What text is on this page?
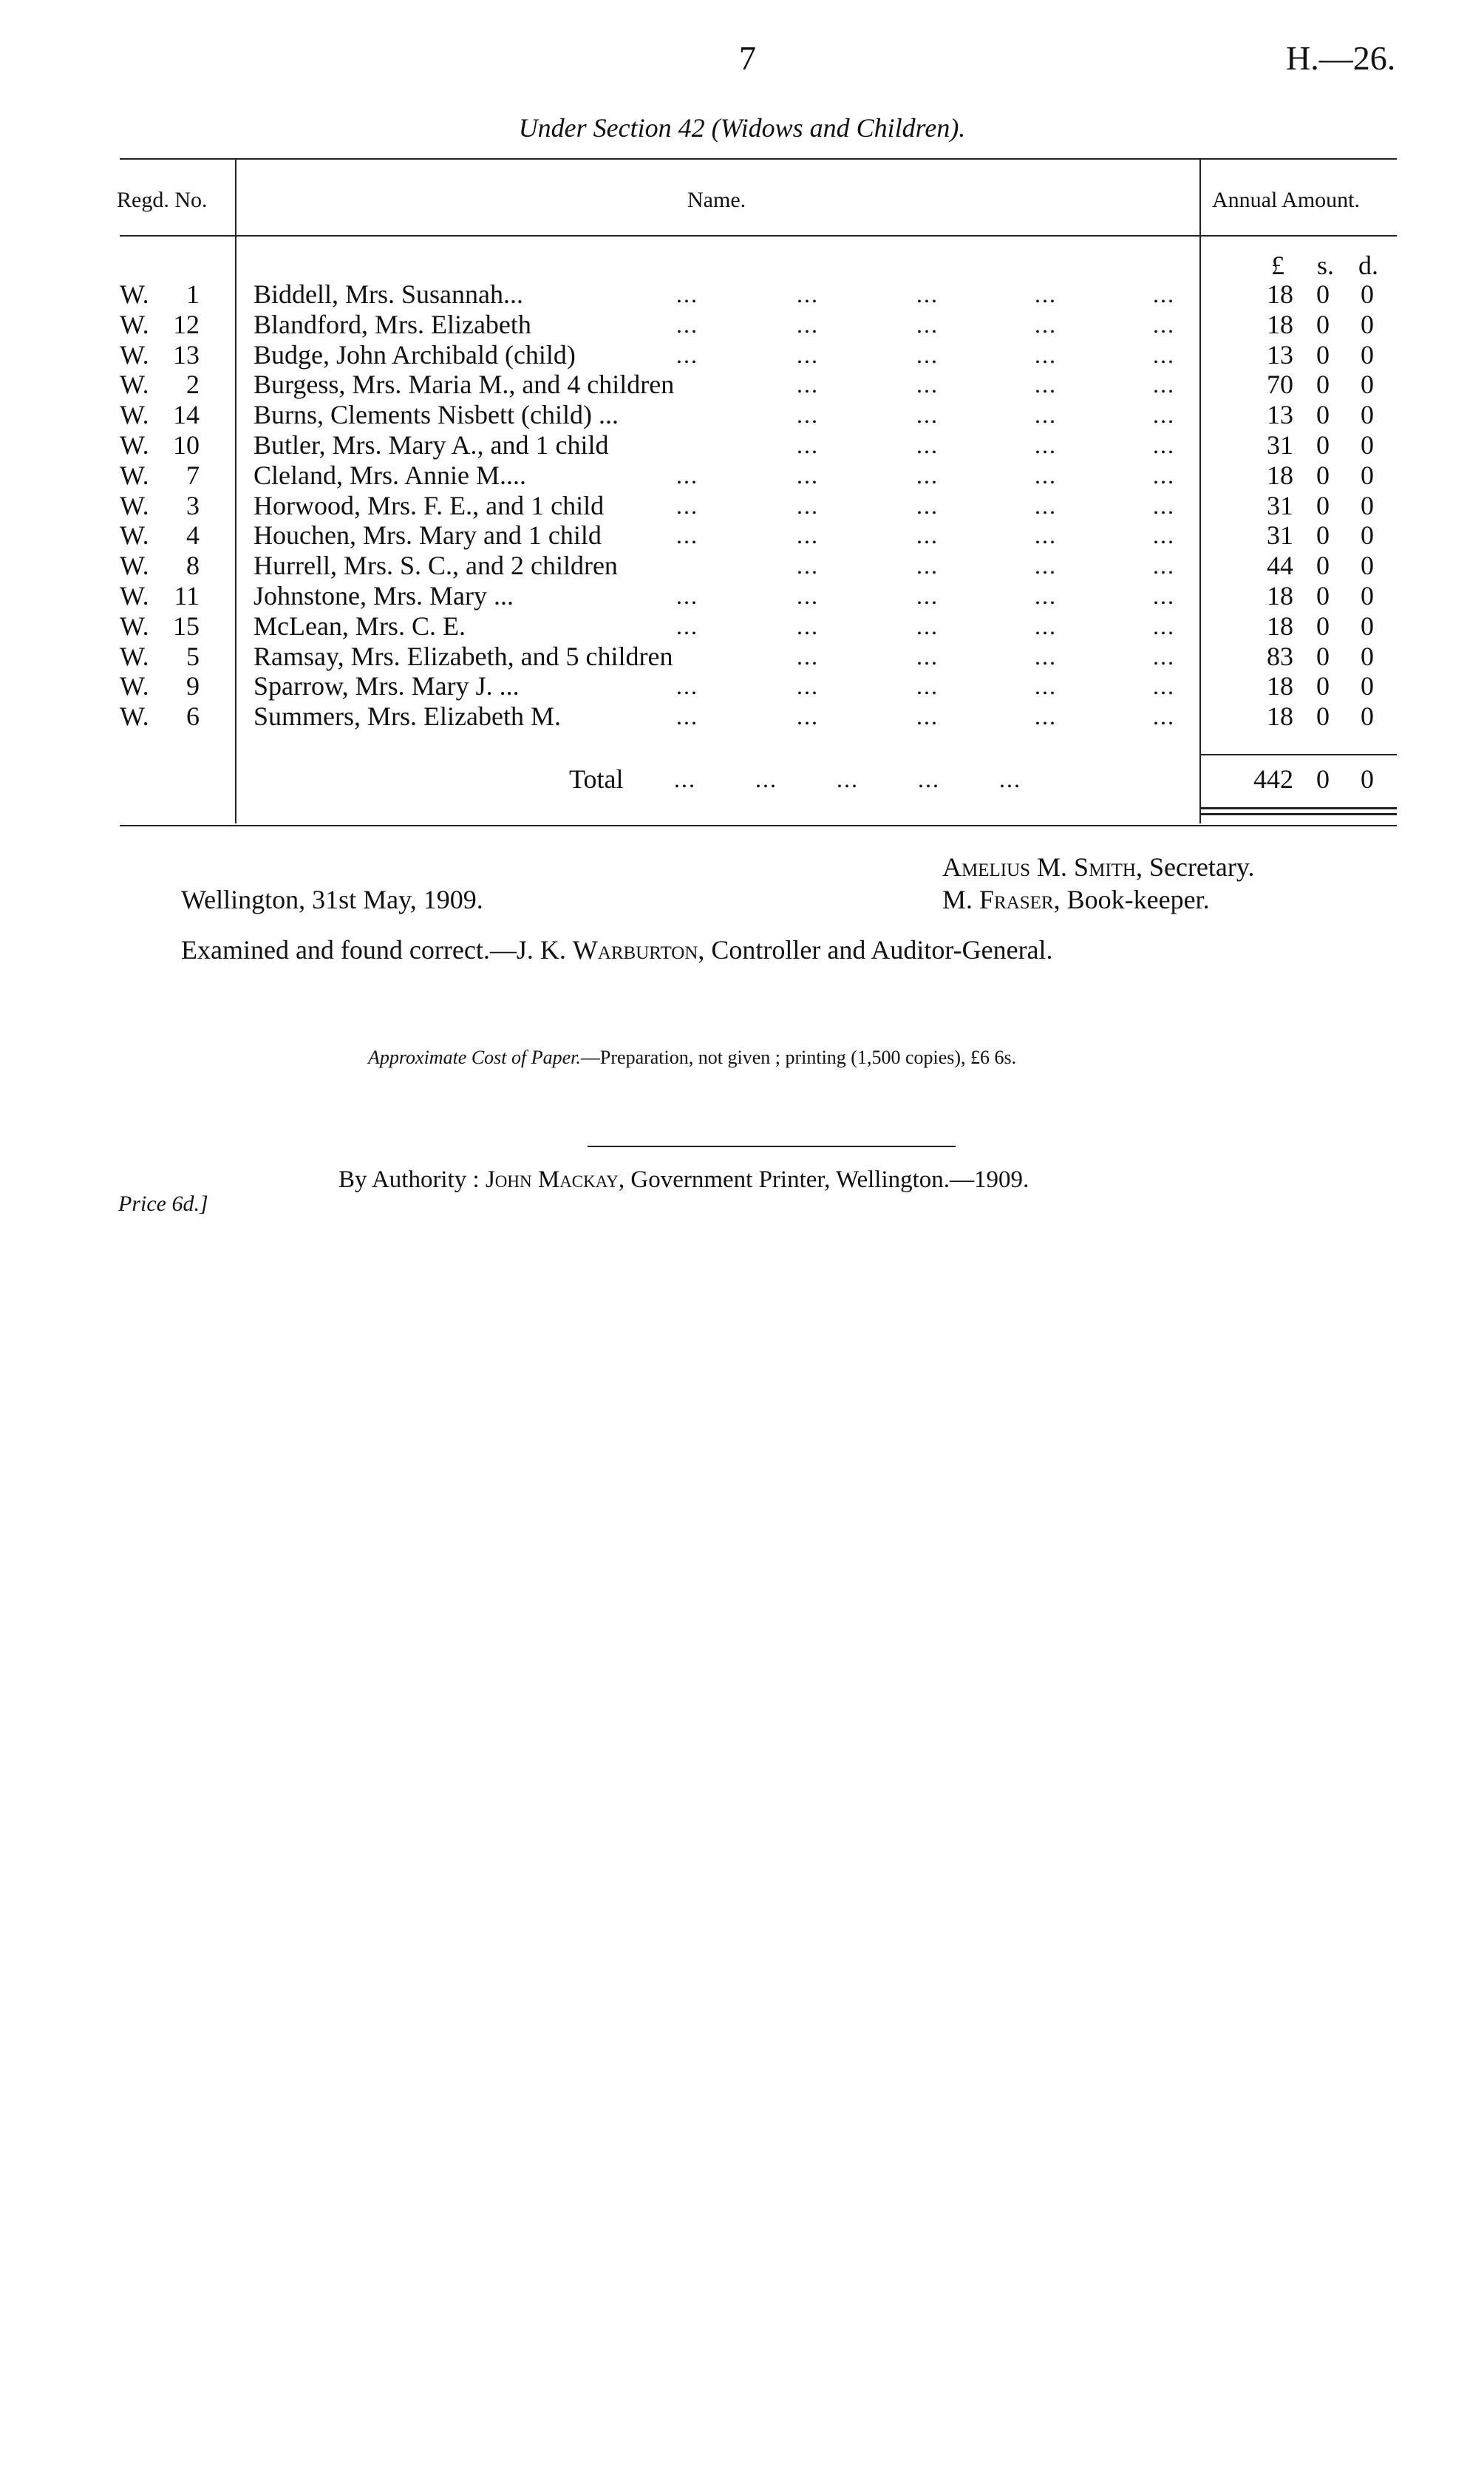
7	H.—26.
Under Section 42 (Widows and Children).
Regd. No.	Name.	Annual Amount.
£ s. d.
W.	1 Biddell, Mrs. Susannah...	...	...	...	...	...	18 0 0
W. 12 Blandford, Mrs. Elizabeth	...	...	...	...	...	18 0 0
W. 13 Budge, John Archibald (child)	...	...	...	...	...	13 0 0
W.	2 Burgess, Mrs. Maria M., and 4 children	...	...	...	...	70 0 0
W. 14 Burns, Clements Nisbett (child) ...	...	...	...	...	13 0 0
W. 10 Butler, Mrs. Mary A., and 1 child	...	...	...	...	31 0 0
W.	7 Cleland, Mrs. Annie M....	...	...	...	...	...	18 0 0
W.	3 Horwood, Mrs. F. E., and 1 child	...	...	...	...	...	31 0 0
W.	4 Houchen, Mrs. Mary and 1 child	...	...	...	...	...	31 0 0
W.	8 Hurrell, Mrs. S. C., and 2 children	...	...	...	...	44 0 0
W. 11 Johnstone, Mrs. Mary ...	...	...	...	...	...	18 0 0
W. 15 McLean, Mrs. C. E.	...	...	...	...	...	18 0 0
W.	5 Ramsay, Mrs. Elizabeth, and 5 children	...	...	...	...	83 0 0
W.	9 Sparrow, Mrs. Mary J. ...	...	...	...	...	...	18 0 0
W.	6 Summers, Mrs. Elizabeth M.	...	...	...	...	...	18 0 0
Total ...        ...        ...        ...        ...	442 0 0
Amelius M. Smith, Secretary.
Wellington, 31st May, 1909.	M. Fraser, Book-keeper.
Examined and found correct.—J. K. Warburton, Controller and Auditor-General.
Approximate Cost of Paper.—Preparation, not given ; printing (1,500 copies), £6 6s.
By Authority : John Mackay, Government Printer, Wellington.—1909.
Price 6d.]
